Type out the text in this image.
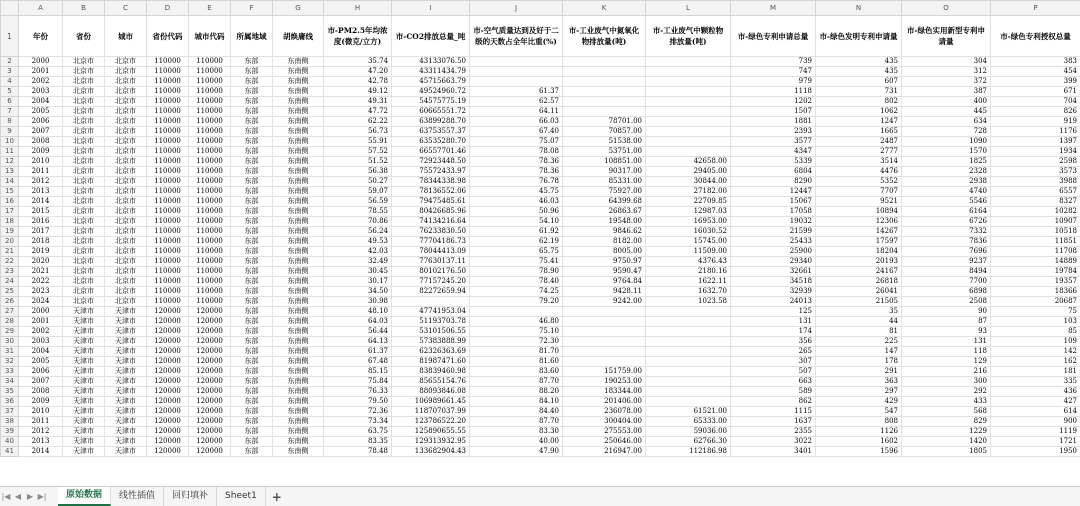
	A	B	C	D	E	F	G	H	I	J	K	L	M	N	O	P
1	年份	省份	城市	省份代码	城市代码	所属地域	胡焕庸线	市-PM2.5年均浓度(微克/立方)	市-CO2排放总量_吨	市-空气质量达到及好于二级的天数占全年比重(%)	市-工业废气中氮氧化物排放量(吨)	市-工业废气中颗粒物排放量(吨)	市-绿色专利申请总量	市-绿色发明专利申请量	市-绿色实用新型专利申请量	市-绿色专利授权总量
2	2000	北京市	北京市	110000	110000	东部	东南侧	35.74	43133076.50				739	435	304	383
3	2001	北京市	北京市	110000	110000	东部	东南侧	47.20	43311434.79				747	435	312	454
4	2002	北京市	北京市	110000	110000	东部	东南侧	42.78	45715663.79				979	607	372	399
5	2003	北京市	北京市	110000	110000	东部	东南侧	49.12	49524960.72	61.37			1118	731	387	671
6	2004	北京市	北京市	110000	110000	东部	东南侧	49.31	54575775.19	62.57			1202	802	400	704
7	2005	北京市	北京市	110000	110000	东部	东南侧	47.72	60665551.72	64.11			1507	1062	445	826
8	2006	北京市	北京市	110000	110000	东部	东南侧	62.22	63899288.70	66.03	78701.00		1881	1247	634	919
9	2007	北京市	北京市	110000	110000	东部	东南侧	56.73	63753557.37	67.40	70857.00		2393	1665	728	1176
10	2008	北京市	北京市	110000	110000	东部	东南侧	55.91	63535280.70	75.07	51538.00		3577	2487	1090	1397
11	2009	北京市	北京市	110000	110000	东部	东南侧	57.52	66557701.46	78.08	53751.00		4347	2777	1570	1934
12	2010	北京市	北京市	110000	110000	东部	东南侧	51.52	72923448.50	78.36	108851.00	42658.00	5339	3514	1825	2598
13	2011	北京市	北京市	110000	110000	东部	东南侧	56.38	75572433.97	78.36	90317.00	29405.00	6804	4476	2328	3573
14	2012	北京市	北京市	110000	110000	东部	东南侧	50.27	78344338.98	76.78	85331.00	30844.00	8290	5352	2938	3988
15	2013	北京市	北京市	110000	110000	东部	东南侧	59.07	78136552.06	45.75	75927.00	27182.00	12447	7707	4740	6557
16	2014	北京市	北京市	110000	110000	东部	东南侧	56.59	79475485.61	46.03	64399.68	22709.85	15067	9521	5546	8327
17	2015	北京市	北京市	110000	110000	东部	东南侧	78.55	80426685.96	50.96	26863.67	12987.03	17058	10894	6164	10282
18	2016	北京市	北京市	110000	110000	东部	东南侧	70.86	74134216.64	54.10	19548.00	16953.00	19032	12306	6726	10907
19	2017	北京市	北京市	110000	110000	东部	东南侧	56.24	76233830.50	61.92	9846.62	16030.52	21599	14267	7332	10518
20	2018	北京市	北京市	110000	110000	东部	东南侧	49.53	77704186.73	62.19	8182.00	15745.00	25433	17597	7836	11851
21	2019	北京市	北京市	110000	110000	东部	东南侧	42.03	78044413.09	65.75	8005.00	11509.00	25900	18204	7696	11708
22	2020	北京市	北京市	110000	110000	东部	东南侧	32.49	77630137.11	75.41	9750.97	4376.43	29340	20193	9237	14889
23	2021	北京市	北京市	110000	110000	东部	东南侧	30.45	80102176.50	78.90	9590.47	2180.16	32661	24167	8494	19784
24	2022	北京市	北京市	110000	110000	东部	东南侧	30.17	77157245.20	78.40	9764.84	1622.11	34518	26818	7700	19357
25	2023	北京市	北京市	110000	110000	东部	东南侧	34.50	82272659.94	74.25	9428.11	1632.70	32939	26041	6898	18366
26	2024	北京市	北京市	110000	110000	东部	东南侧	30.98		79.20	9242.00	1023.58	24013	21505	2508	20687
27	2000	天津市	天津市	120000	120000	东部	东南侧	48.10	47741953.04				125	35	90	75
28	2001	天津市	天津市	120000	120000	东部	东南侧	64.03	51193703.78	46.80			131	44	87	103
29	2002	天津市	天津市	120000	120000	东部	东南侧	56.44	53101506.55	75.10			174	81	93	85
30	2003	天津市	天津市	120000	120000	东部	东南侧	64.13	57383888.99	72.30			356	225	131	109
31	2004	天津市	天津市	120000	120000	东部	东南侧	61.37	62326363.69	81.70			265	147	118	142
32	2005	天津市	天津市	120000	120000	东部	东南侧	67.48	81987471.60	81.60			307	178	129	162
33	2006	天津市	天津市	120000	120000	东部	东南侧	85.15	83839460.98	83.60	151759.00		507	291	216	181
34	2007	天津市	天津市	120000	120000	东部	东南侧	75.84	85655154.76	87.70	190253.00		663	363	300	335
35	2008	天津市	天津市	120000	120000	东部	东南侧	76.33	88093846.08	88.20	183344.00		589	297	292	436
36	2009	天津市	天津市	120000	120000	东部	东南侧	79.50	106989661.45	84.10	201406.00		862	429	433	427
37	2010	天津市	天津市	120000	120000	东部	东南侧	72.36	118707037.99	84.40	236078.00	61521.00	1115	547	568	614
38	2011	天津市	天津市	120000	120000	东部	东南侧	73.34	123786522.20	87.70	300404.00	65333.00	1637	808	829	900
39	2012	天津市	天津市	120000	120000	东部	东南侧	63.75	125890655.55	83.30	275553.00	59036.00	2355	1126	1229	1119
40	2013	天津市	天津市	120000	120000	东部	东南侧	83.35	129313932.95	40.00	250646.00	62766.30	3022	1602	1420	1721
41	2014	天津市	天津市	120000	120000	东部	东南侧	78.48	133682904.43	47.90	216947.00	112186.98	3401	1596	1805	1950
|◀ ◀ ▶ ▶|	原始数据	线性插值	回归填补	Sheet1	+
